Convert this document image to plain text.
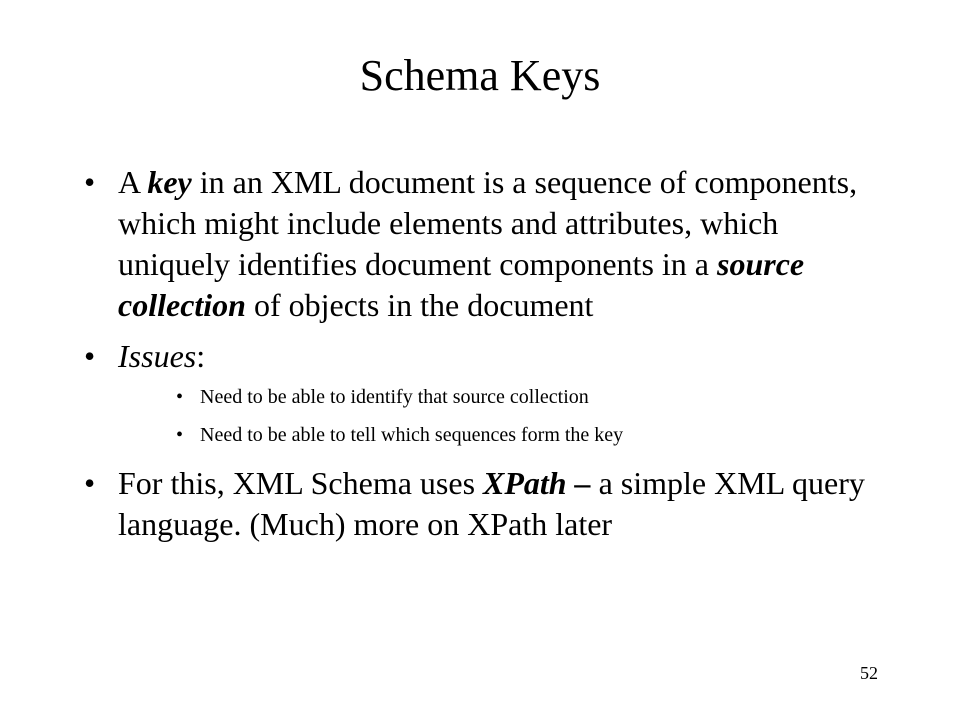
Schema Keys
• A key in an XML document is a sequence of components, which might include elements and attributes, which uniquely identifies document components in a source collection of objects in the document
• Issues:
• Need to be able to identify that source collection
• Need to be able to tell which sequences form the key
• For this, XML Schema uses XPath – a simple XML query language. (Much) more on XPath later
52
